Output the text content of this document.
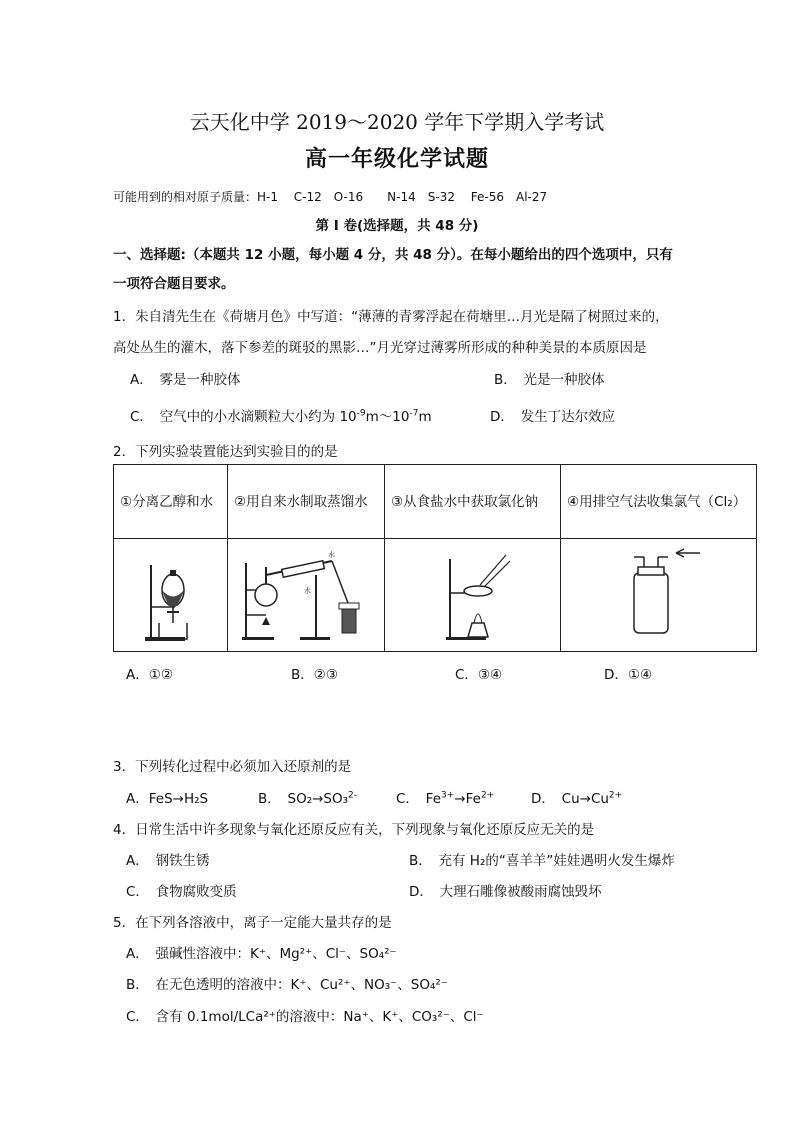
云天化中学 2019～2020 学年下学期入学考试
高一年级化学试题
可能用到的相对原子质量：H-1　 C-12　O-16　　N-14　S-32　 Fe-56　Al-27
第 I 卷(选择题，共 48 分)
一、选择题:（本题共 12 小题，每小题 4 分，共 48 分）。在每小题给出的四个选项中，只有
一项符合题目要求。
1．朱自清先生在《荷塘月色》中写道：“薄薄的青雾浮起在荷塘里…月光是隔了树照过来的，
高处丛生的灌木，落下参差的斑驳的黑影…”月光穿过薄雾所形成的种种美景的本质原因是
A．　雾是一种胶体	B．　光是一种胶体
C．　空气中的小水滴颗粒大小约为 $10^{-9}m\sim 10^{-7}m$	D．　发生丁达尔效应
2．下列实验装置能达到实验目的的是
①分离乙醇和水	②用自来水制取蒸馏水	③从食盐水中获取氯化钠	④用排空气法收集氯气（Cl₂）

水
水

A．①②	B．②③	C．③④	D．①④
3．下列转化过程中必须加入还原剂的是
A．FeS→H₂S	B．　SO₂→SO₃$^{2-}$	C．　$Fe^{3+}\to Fe^{2+}$	D．　$Cu\to Cu^{2+}$
4．日常生活中许多现象与氧化还原反应有关，下列现象与氧化还原反应无关的是
A．　钢铁生锈	B．　充有 H₂的“喜羊羊”娃娃遇明火发生爆炸
C．　食物腐败变质	D．　大理石雕像被酸雨腐蚀毁坏
5．在下列各溶液中，离子一定能大量共存的是
A．　强碱性溶液中：K⁺、Mg²⁺、Cl⁻、SO₄²⁻
B．　在无色透明的溶液中：K⁺、Cu²⁺、NO₃⁻、SO₄²⁻
C．　含有 0.1mol/LCa²⁺的溶液中：Na⁺、K⁺、CO₃²⁻、Cl⁻
